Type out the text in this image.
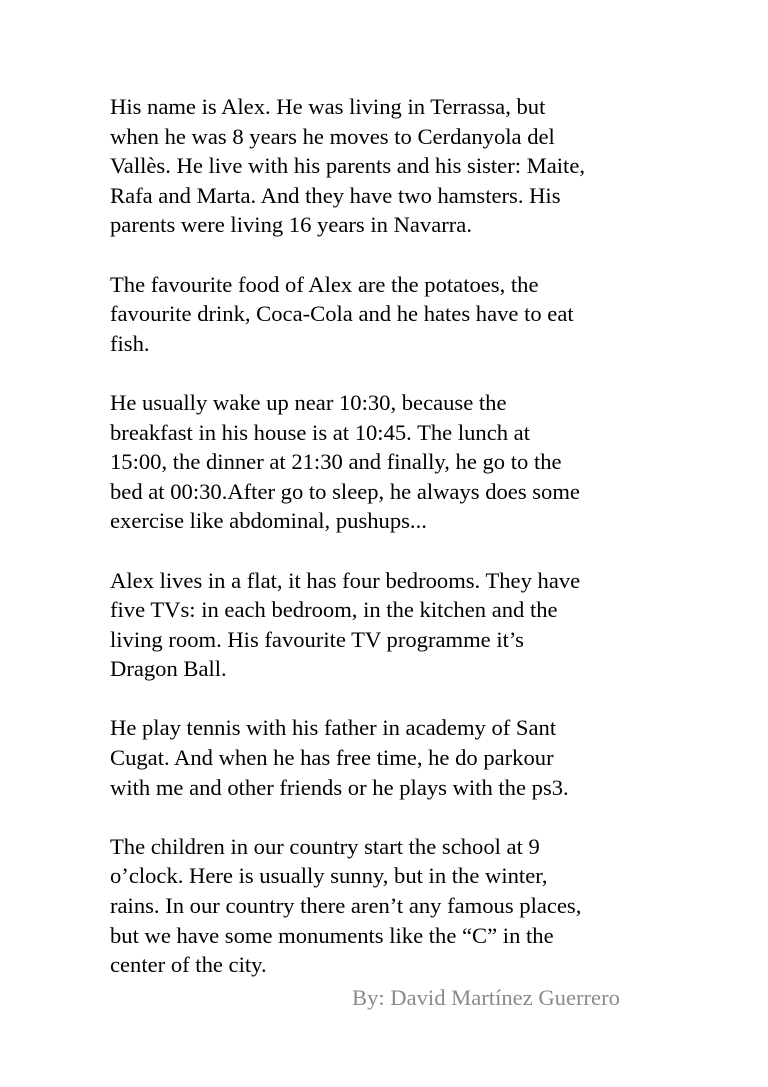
His name is Alex. He was living in Terrassa, but
when he was 8 years he moves to Cerdanyola del
Vallès. He live with his parents and his sister: Maite,
Rafa and Marta. And they have two hamsters. His
parents were living 16 years in Navarra.

The favourite food of Alex are the potatoes, the
favourite drink, Coca-Cola and he hates have to eat
fish.

He usually wake up near 10:30, because the
breakfast in his house is at 10:45. The lunch at
15:00, the dinner at 21:30 and finally, he go to the
bed at 00:30.After go to sleep, he always does some
exercise like abdominal, pushups...

Alex lives in a flat, it has four bedrooms. They have
five TVs: in each bedroom, in the kitchen and the
living room. His favourite TV programme it’s
Dragon Ball.

He play tennis with his father in academy of Sant
Cugat. And when he has free time, he do parkour
with me and other friends or he plays with the ps3.

The children in our country start the school at 9
o’clock. Here is usually sunny, but in the winter,
rains. In our country there aren’t any famous places,
but we have some monuments like the “C” in the
center of the city.

By: David Martínez Guerrero
